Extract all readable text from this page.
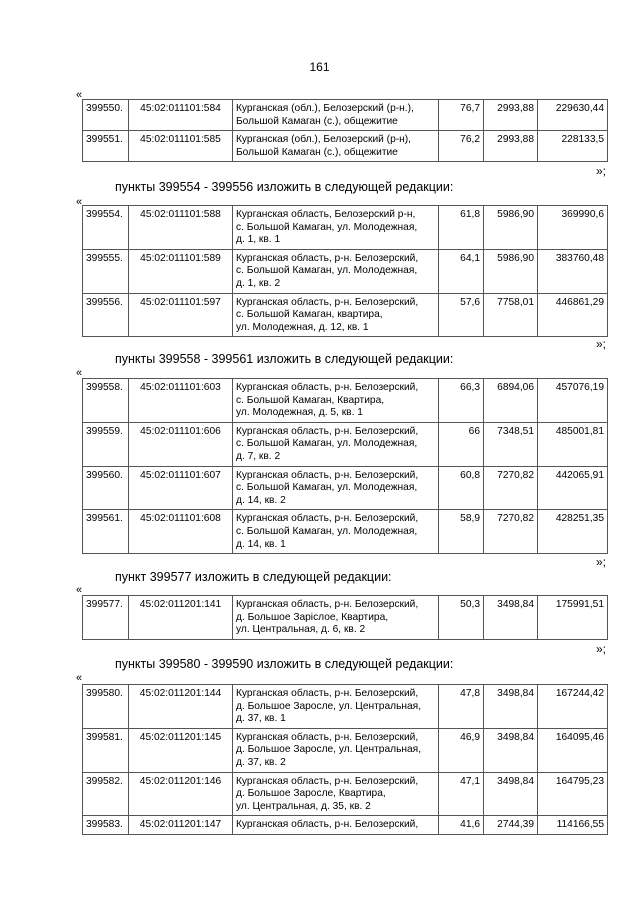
161
«
399550.	45:02:011101:584	Курганская (обл.), Белозерский (р-н.),
Большой Камаган (с.), общежитие	76,7	2993,88	229630,44
399551.	45:02:011101:585	Курганская (обл.), Белозерский (р-н),
Большой Камаган (с.), общежитие	76,2	2993,88	228133,5
»;
пункты 399554 - 399556 изложить в следующей редакции:
«
399554.	45:02:011101:588	Курганская область, Белозерский р-н,
с. Большой Камаган, ул. Молодежная,
д. 1, кв. 1	61,8	5986,90	369990,6
399555.	45:02:011101:589	Курганская область, р-н. Белозерский,
с. Большой Камаган, ул. Молодежная,
д. 1, кв. 2	64,1	5986,90	383760,48
399556.	45:02:011101:597	Курганская область, р-н. Белозерский,
с. Большой Камаган, квартира,
ул. Молодежная, д. 12, кв. 1	57,6	7758,01	446861,29
»;
пункты 399558 - 399561 изложить в следующей редакции:
«
399558.	45:02:011101:603	Курганская область, р-н. Белозерский,
с. Большой Камаган, Квартира,
ул. Молодежная, д. 5, кв. 1	66,3	6894,06	457076,19
399559.	45:02:011101:606	Курганская область, р-н. Белозерский,
с. Большой Камаган, ул. Молодежная,
д. 7, кв. 2	66	7348,51	485001,81
399560.	45:02:011101:607	Курганская область, р-н. Белозерский,
с. Большой Камаган, ул. Молодежная,
д. 14, кв. 2	60,8	7270,82	442065,91
399561.	45:02:011101:608	Курганская область, р-н. Белозерский,
с. Большой Камаган, ул. Молодежная,
д. 14, кв. 1	58,9	7270,82	428251,35
»;
пункт 399577 изложить в следующей редакции:
«
399577.	45:02:011201:141	Курганская область, р-н. Белозерский,
д. Большое Заріслое, Квартира,
ул. Центральная, д. 6, кв. 2	50,3	3498,84	175991,51
»;
пункты 399580 - 399590 изложить в следующей редакции:
«
399580.	45:02:011201:144	Курганская область, р-н. Белозерский,
д. Большое Заросле, ул. Центральная,
д. 37, кв. 1	47,8	3498,84	167244,42
399581.	45:02:011201:145	Курганская область, р-н. Белозерский,
д. Большое Заросле, ул. Центральная,
д. 37, кв. 2	46,9	3498,84	164095,46
399582.	45:02:011201:146	Курганская область, р-н. Белозерский,
д. Большое Заросле, Квартира,
ул. Центральная, д. 35, кв. 2	47,1	3498,84	164795,23
399583.	45:02:011201:147	Курганская область, р-н. Белозерский,	41,6	2744,39	114166,55
